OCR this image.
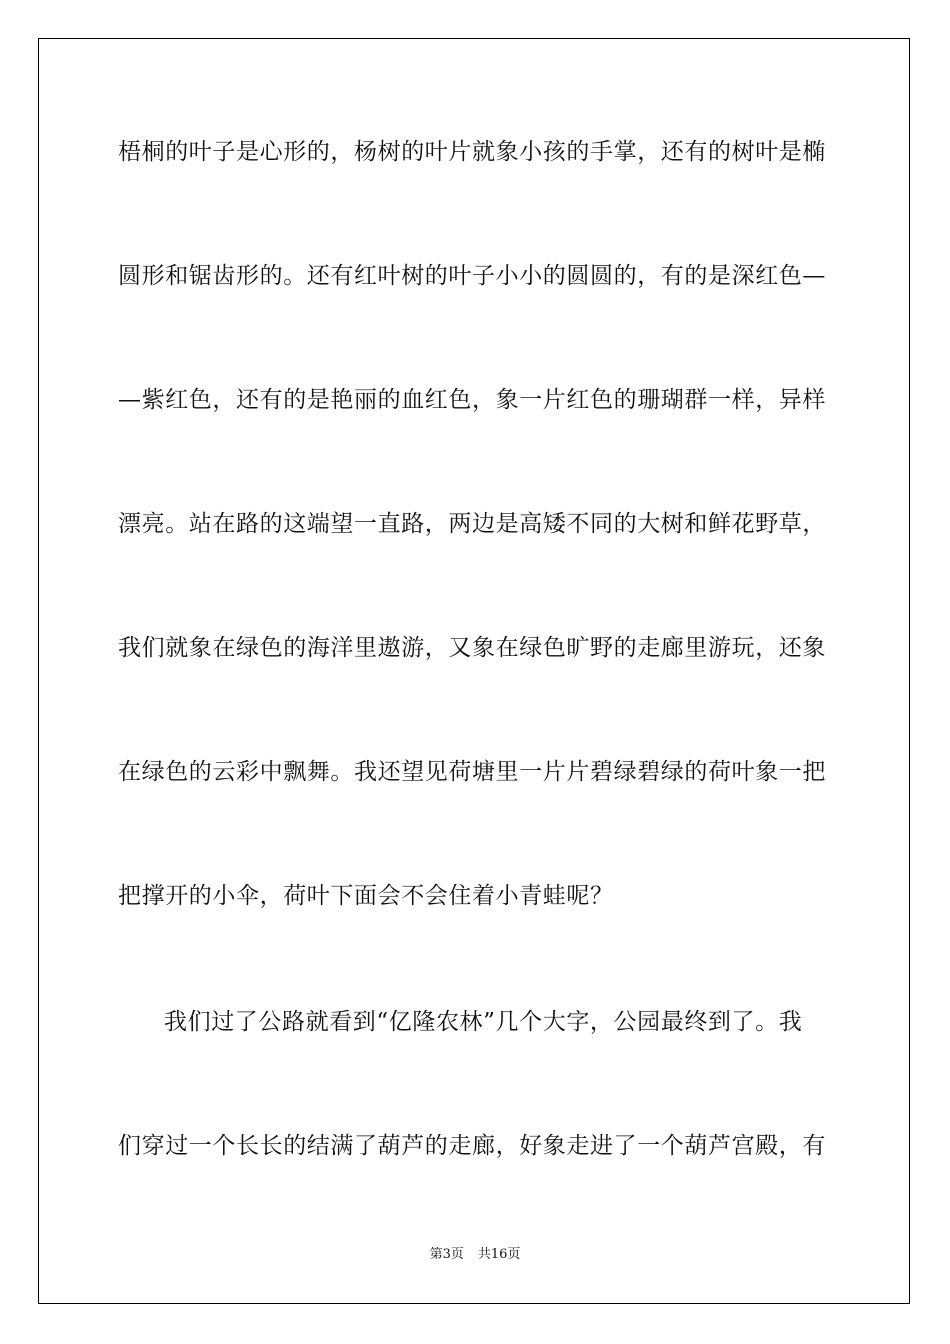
梧桐的叶子是心形的，杨树的叶片就象小孩的手掌，还有的树叶是椭
圆形和锯齿形的。还有红叶树的叶子小小的圆圆的，有的是深红色—
—紫红色，还有的是艳丽的血红色，象一片红色的珊瑚群一样，异样
漂亮。站在路的这端望一直路，两边是高矮不同的大树和鲜花野草，
我们就象在绿色的海洋里遨游，又象在绿色旷野的走廊里游玩，还象
在绿色的云彩中飘舞。我还望见荷塘里一片片碧绿碧绿的荷叶象一把
把撑开的小伞，荷叶下面会不会住着小青蛙呢？
我们过了公路就看到“亿隆农林”几个大字，公园最终到了。我
们穿过一个长长的结满了葫芦的走廊，好象走进了一个葫芦宫殿，有
第3页 共16页
